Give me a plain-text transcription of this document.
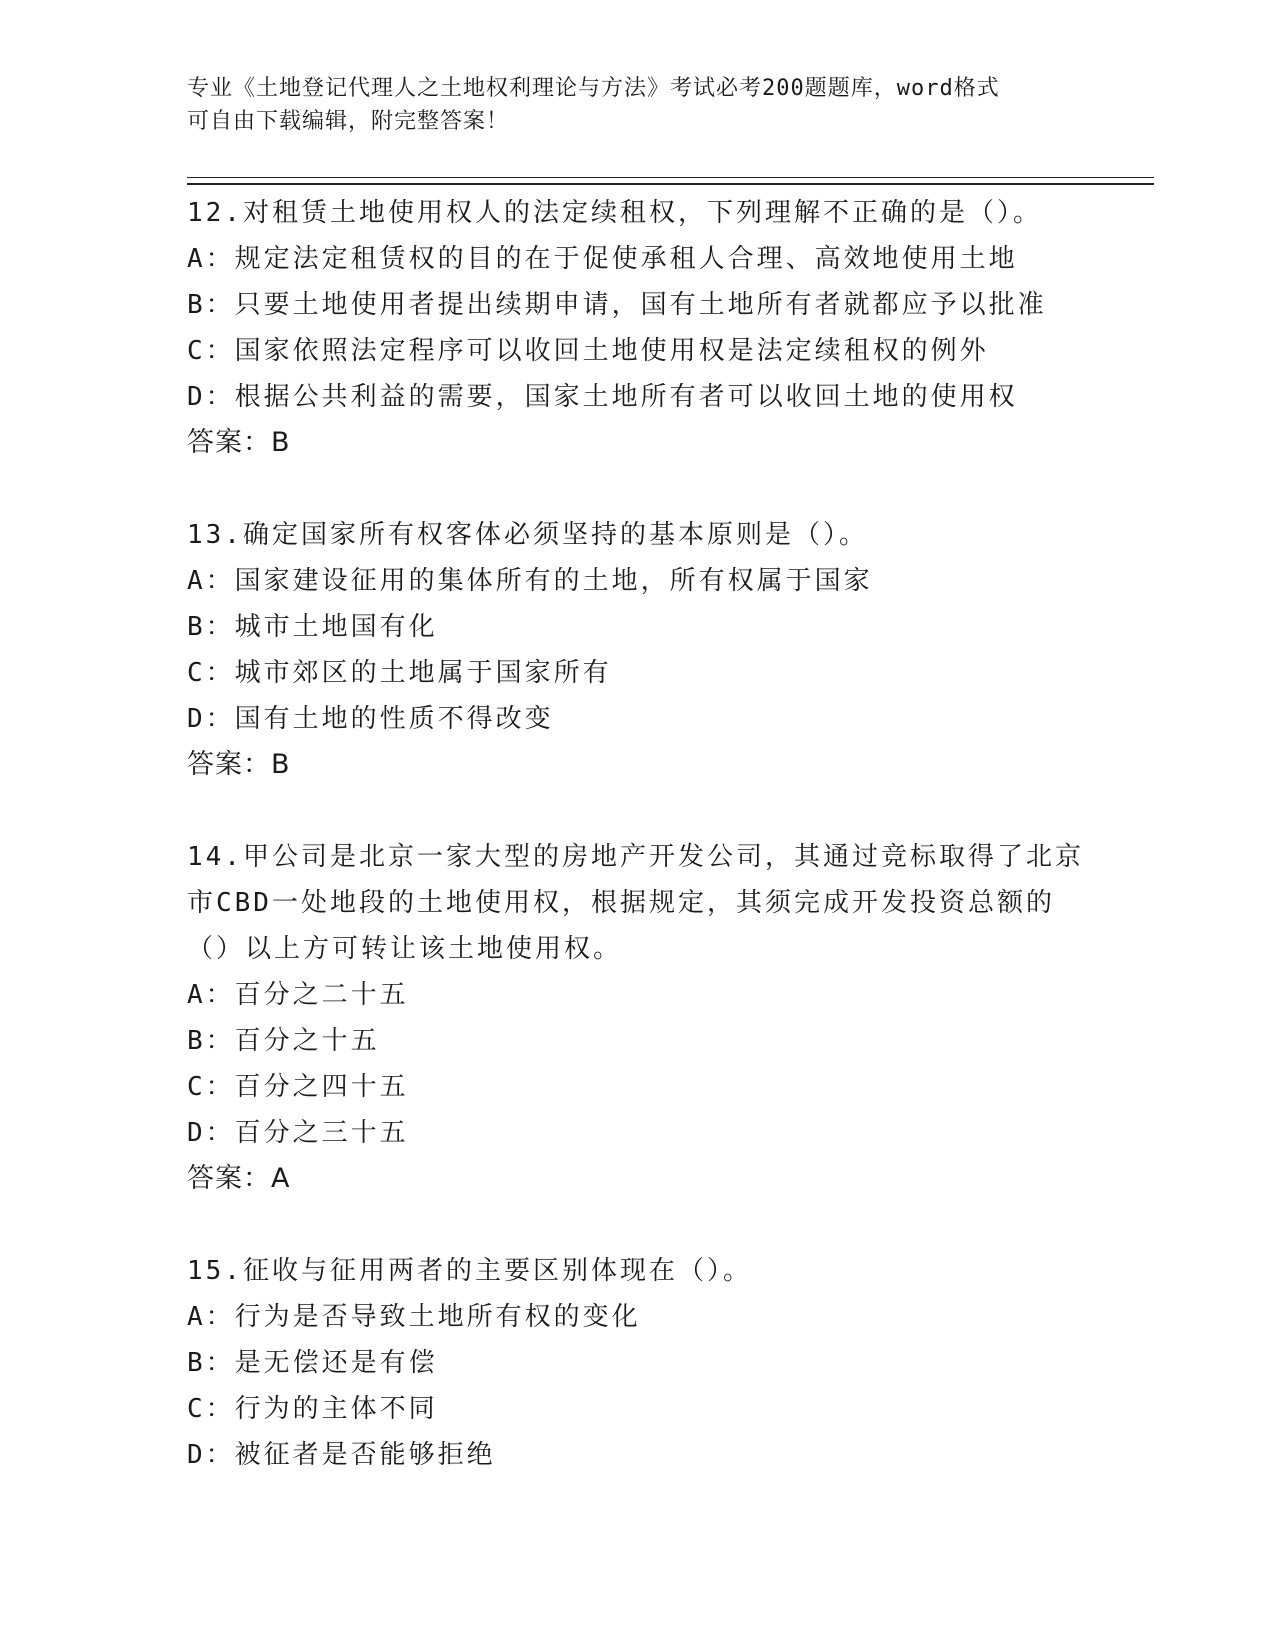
专业《土地登记代理人之土地权利理论与方法》考试必考200题题库，word格式
可自由下载编辑，附完整答案！

12.对租赁土地使用权人的法定续租权，下列理解不正确的是（）。

A：规定法定租赁权的目的在于促使承租人合理、高效地使用土地

B：只要土地使用者提出续期申请，国有土地所有者就都应予以批准

C：国家依照法定程序可以收回土地使用权是法定续租权的例外

D：根据公共利益的需要，国家土地所有者可以收回土地的使用权

答案：B

13.确定国家所有权客体必须坚持的基本原则是（）。

A：国家建设征用的集体所有的土地，所有权属于国家

B：城市土地国有化

C：城市郊区的土地属于国家所有

D：国有土地的性质不得改变

答案：B

14.甲公司是北京一家大型的房地产开发公司，其通过竞标取得了北京

市CBD一处地段的土地使用权，根据规定，其须完成开发投资总额的

（）以上方可转让该土地使用权。

A：百分之二十五

B：百分之十五

C：百分之四十五

D：百分之三十五

答案：A

15.征收与征用两者的主要区别体现在（）。

A：行为是否导致土地所有权的变化

B：是无偿还是有偿

C：行为的主体不同

D：被征者是否能够拒绝
